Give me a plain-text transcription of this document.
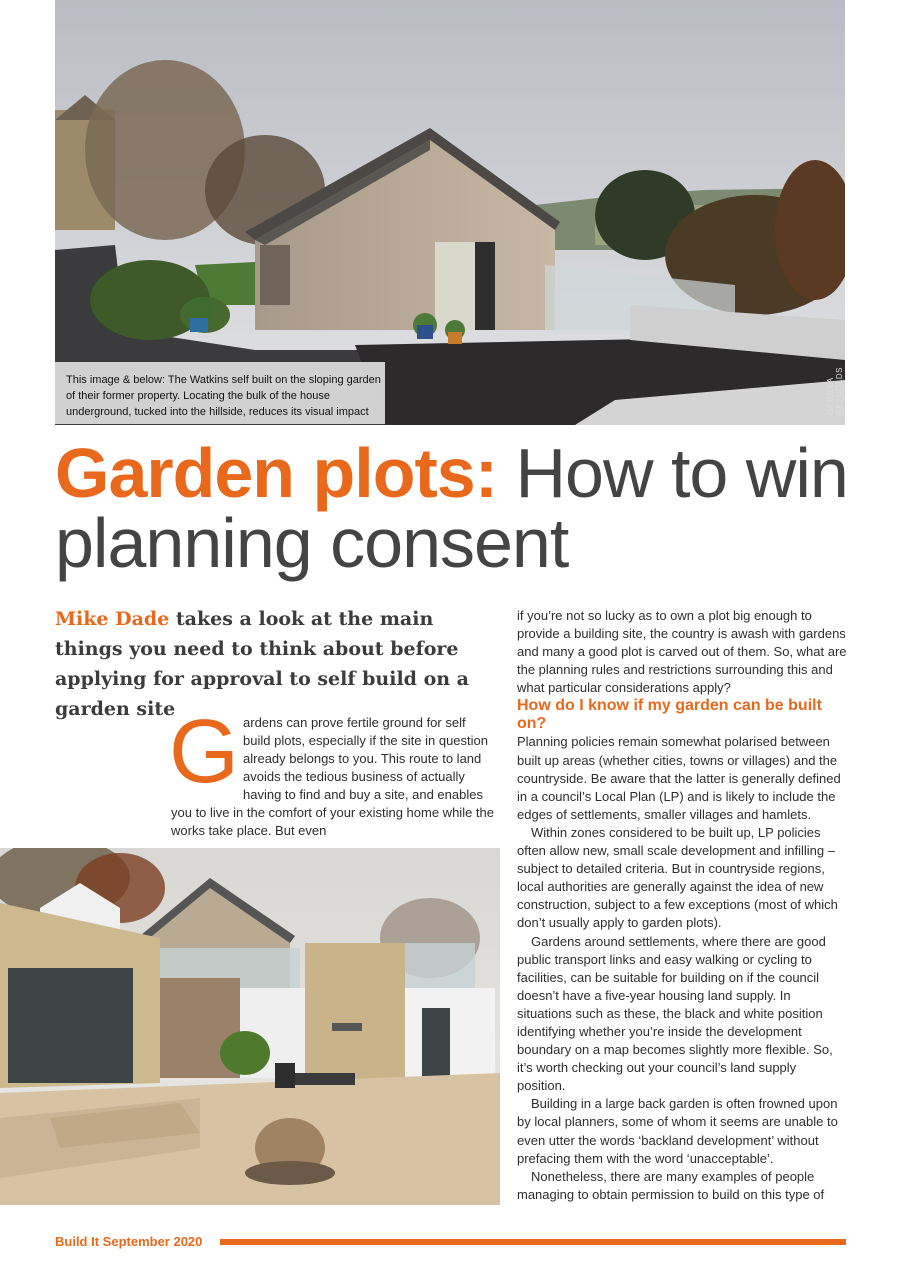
This image & below: The Watkins self built on the sloping garden of their former property. Locating the bulk of the house underground, tucked into the hillside, reduces its visual impact	CAMILLA REYNOLDS
Garden plots: How to win planning consent
Mike Dade takes a look at the main things you need to think about before applying for approval to self build on a garden site
G ardens can prove fertile ground for self build plots, especially if the site in question already belongs to you. This route to land avoids the tedious business of actually having to find and buy a site, and enables you to live in the comfort of your existing home while the works take place. But even

if you’re not so lucky as to own a plot big enough to provide a building site, the country is awash with gardens and many a good plot is carved out of them. So, what are the planning rules and restrictions surrounding this and what particular considerations apply?

How do I know if my garden can be built on?

Planning policies remain somewhat polarised between built up areas (whether cities, towns or villages) and the countryside. Be aware that the latter is generally defined in a council’s Local Plan (LP) and is likely to include the edges of settlements, smaller villages and hamlets.

Within zones considered to be built up, LP policies often allow new, small scale development and infilling – subject to detailed criteria. But in countryside regions, local authorities are generally against the idea of new construction, subject to a few exceptions (most of which don’t usually apply to garden plots).

Gardens around settlements, where there are good public transport links and easy walking or cycling to facilities, can be suitable for building on if the council doesn’t have a five-year housing land supply. In situations such as these, the black and white position identifying whether you’re inside the development boundary on a map becomes slightly more flexible. So, it’s worth checking out your council’s land supply position.

Building in a large back garden is often frowned upon by local planners, some of whom it seems are unable to even utter the words ‘backland development’ without prefacing them with the word ‘unacceptable’.

Nonetheless, there are many examples of people managing to obtain permission to build on this type of

Build It September 2020
